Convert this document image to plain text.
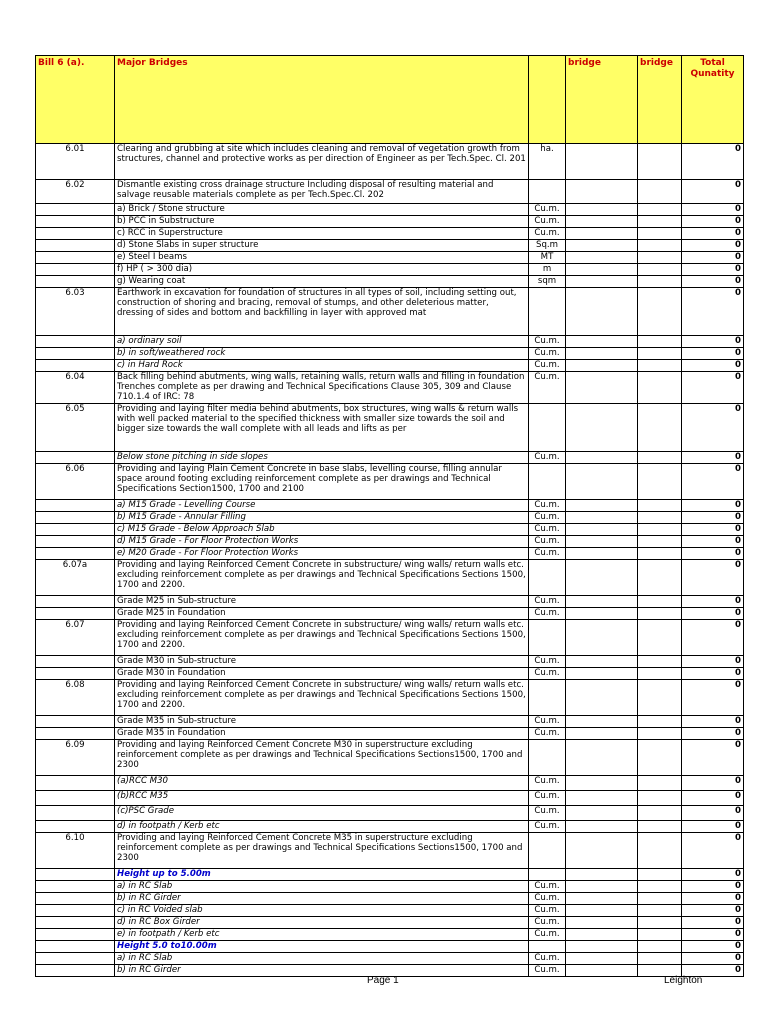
Bill 6 (a).	Major Bridges		bridge	bridge	Total Qunatity
6.01	Clearing and grubbing at site which includes cleaning and removal of vegetation growth from structures, channel and protective works as per direction of Engineer as per Tech.Spec. Cl. 201	ha.			0
6.02	Dismantle existing cross drainage structure Including disposal of resulting material and salvage reusable materials complete as per Tech.Spec.Cl. 202				0
	a) Brick / Stone structure	Cu.m.			0
	b) PCC in Substructure	Cu.m.			0
	c) RCC in Superstructure	Cu.m.			0
	d) Stone Slabs in super structure	Sq.m			0
	e) Steel I beams	MT			0
	f) HP ( > 300 dia)	m			0
	g) Wearing coat	sqm			0
6.03	Earthwork in excavation for foundation of structures in all types of soil, including setting out, construction of shoring and bracing, removal of stumps, and other deleterious matter, dressing of sides and bottom and backfilling in layer with approved mat				0
	a) ordinary soil	Cu.m.			0
	b) in soft/weathered rock	Cu.m.			0
	c) in Hard Rock	Cu.m.			0
6.04	Back filling behind abutments, wing walls, retaining walls, return walls and filling in foundation Trenches complete as per drawing and Technical Specifications Clause 305, 309 and Clause 710.1.4 of IRC: 78	Cu.m.			0
6.05	Providing and laying filter media behind abutments, box structures, wing walls & return walls with well packed material to the specified thickness with smaller size towards the soil and bigger size towards the wall complete with all leads and lifts as per				0
	Below stone pitching in side slopes	Cu.m.			0
6.06	Providing and laying Plain Cement Concrete in base slabs, levelling course, filling annular space around footing excluding reinforcement complete as per drawings and Technical Specifications Section1500, 1700 and 2100				0
	a) M15 Grade - Levelling Course	Cu.m.			0
	b) M15 Grade - Annular Filling	Cu.m.			0
	c) M15 Grade - Below Approach Slab	Cu.m.			0
	d) M15 Grade - For Floor Protection Works	Cu.m.			0
	e) M20 Grade - For Floor Protection Works	Cu.m.			0
6.07a	Providing and laying Reinforced Cement Concrete in substructure/ wing walls/ return walls etc. excluding reinforcement complete as per drawings and Technical Specifications Sections 1500, 1700 and 2200.				0
	Grade M25 in Sub-structure	Cu.m.			0
	Grade M25 in Foundation	Cu.m.			0
6.07	Providing and laying Reinforced Cement Concrete in substructure/ wing walls/ return walls etc. excluding reinforcement complete as per drawings and Technical Specifications Sections 1500, 1700 and 2200.				0
	Grade M30 in Sub-structure	Cu.m.			0
	Grade M30 in Foundation	Cu.m.			0
6.08	Providing and laying Reinforced Cement Concrete in substructure/ wing walls/ return walls etc. excluding reinforcement complete as per drawings and Technical Specifications Sections 1500, 1700 and 2200.				0
	Grade M35 in Sub-structure	Cu.m.			0
	Grade M35 in Foundation	Cu.m.			0
6.09	Providing and laying Reinforced Cement Concrete M30 in superstructure excluding reinforcement complete as per drawings and Technical Specifications Sections1500, 1700 and 2300				0
	(a)RCC M30	Cu.m.			0
	(b)RCC M35	Cu.m.			0
	(c)PSC Grade	Cu.m.			0
	d) in footpath / Kerb etc	Cu.m.			0
6.10	Providing and laying Reinforced Cement Concrete M35 in superstructure excluding reinforcement complete as per drawings and Technical Specifications Sections1500, 1700 and 2300				0
	Height up to 5.00m				0
	a) in RC Slab	Cu.m.			0
	b) in RC Girder	Cu.m.			0
	c) in RC Voided slab	Cu.m.			0
	d) in RC Box Girder	Cu.m.			0
	e) in footpath / Kerb etc	Cu.m.			0
	Height 5.0 to10.00m				0
	a) in RC Slab	Cu.m.			0
	b) in RC Girder	Cu.m.			0
Page 1	Leighton
